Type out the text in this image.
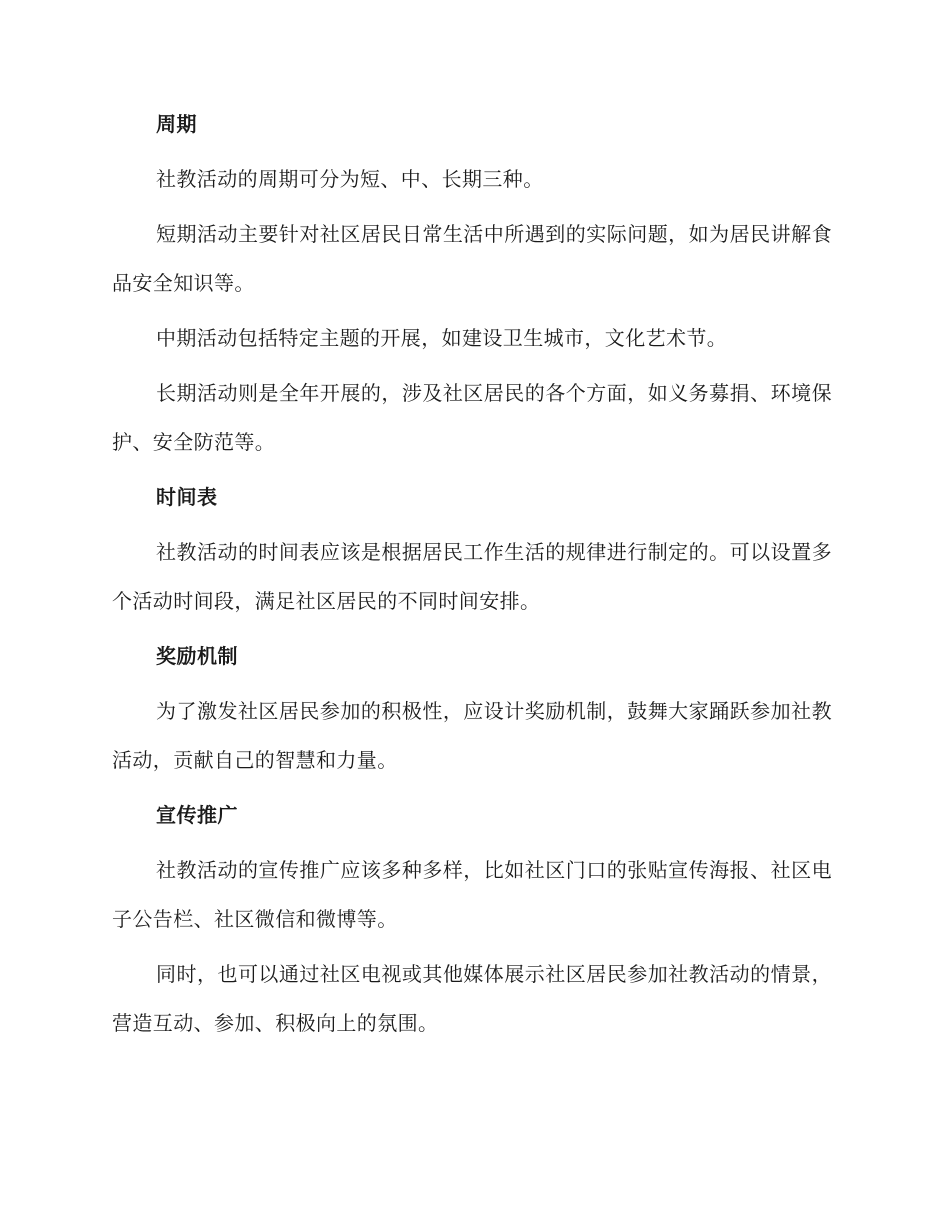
周期

社教活动的周期可分为短、中、长期三种。

短期活动主要针对社区居民日常生活中所遇到的实际问题，如为居民讲解食品安全知识等。

中期活动包括特定主题的开展，如建设卫生城市，文化艺术节。

长期活动则是全年开展的，涉及社区居民的各个方面，如义务募捐、环境保护、安全防范等。

时间表

社教活动的时间表应该是根据居民工作生活的规律进行制定的。可以设置多个活动时间段，满足社区居民的不同时间安排。

奖励机制

为了激发社区居民参加的积极性，应设计奖励机制，鼓舞大家踊跃参加社教活动，贡献自己的智慧和力量。

宣传推广

社教活动的宣传推广应该多种多样，比如社区门口的张贴宣传海报、社区电子公告栏、社区微信和微博等。

同时，也可以通过社区电视或其他媒体展示社区居民参加社教活动的情景，营造互动、参加、积极向上的氛围。
